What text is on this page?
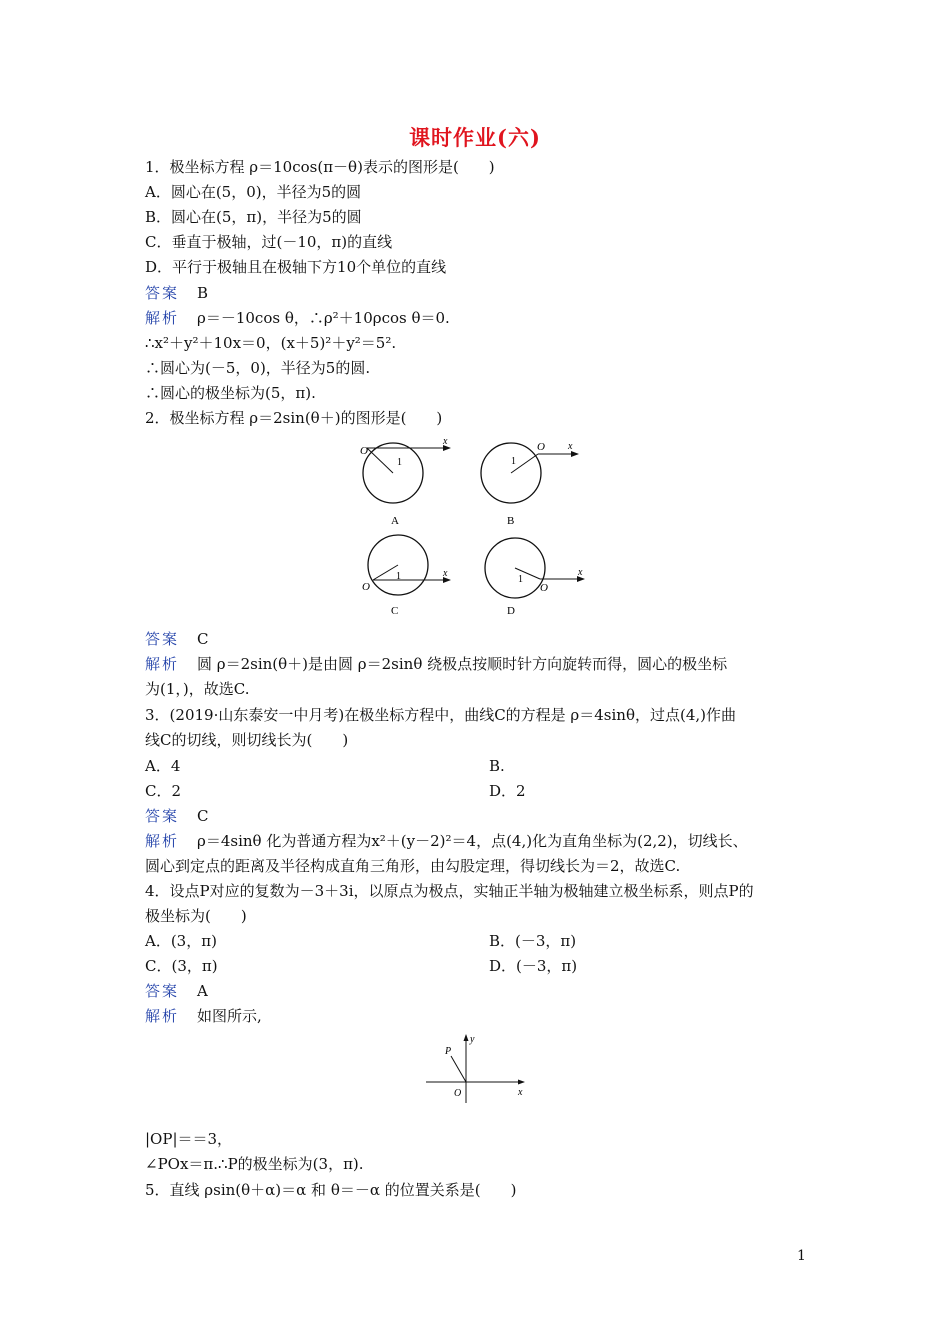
课时作业(六)
1．极坐标方程 ρ＝10cos(π－θ)表示的图形是(　　)
A．圆心在(5，0)，半径为5的圆
B．圆心在(5，π)，半径为5的圆
C．垂直于极轴，过(－10，π)的直线
D．平行于极轴且在极轴下方10个单位的直线
答案 B
解析 ρ＝－10cos θ，∴ρ²＋10ρcos θ＝0.
∴x²＋y²＋10x＝0，(x＋5)²＋y²＝5².
∴圆心为(－5，0)，半径为5的圆.
∴圆心的极坐标为(5，π).
2．极坐标方程 ρ＝2sin(θ＋)的图形是(　　)
O
x
1
A
O x
1
B
O
x
1
C
O
x
1
D
答案 C
解析 圆 ρ＝2sin(θ＋)是由圆 ρ＝2sinθ 绕极点按顺时针方向旋转而得，圆心的极坐标
为(1，)，故选C.
3．(2019·山东泰安一中月考)在极坐标方程中，曲线C的方程是 ρ＝4sinθ，过点(4,)作曲
线C的切线，则切线长为(　　)
A．4	B.
C．2	D．2
答案 C
解析 ρ＝4sinθ 化为普通方程为x²＋(y－2)²＝4，点(4,)化为直角坐标为(2,2)，切线长、
圆心到定点的距离及半径构成直角三角形，由勾股定理，得切线长为＝2，故选C.
4．设点P对应的复数为－3＋3i，以原点为极点，实轴正半轴为极轴建立极坐标系，则点P的
极坐标为(　　)
A．(3，π)	B．(－3，π)
C．(3，π)	D．(－3，π)
答案 A
解析 如图所示,
P
y
x
O
|OP|＝＝3，
∠POx＝π.∴P的极坐标为(3，π).
5．直线 ρsin(θ＋α)＝α 和 θ＝－α 的位置关系是(　　)
1
